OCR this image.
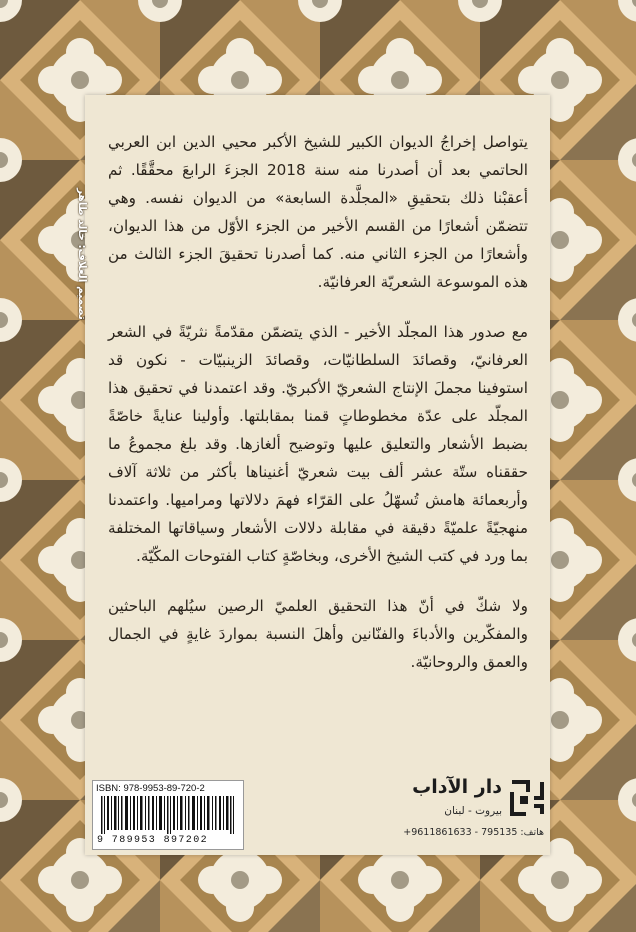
تصميم الغلاف: خالد طاهر

يتواصل إخراجُ الديوان الكبير للشيخ الأكبر محيي الدين ابن العربي الحاتمي بعد أن أصدرنا منه سنة 2018 الجزءَ الرابعَ محقَّقًا. ثم أعقبْنا ذلك بتحقيقِ «المجلَّدة السابعة» من الديوان نفسه. وهي تتضمّن أشعارًا من القسم الأخير من الجزء الأوّل من هذا الديوان، وأشعارًا من الجزء الثاني منه. كما أصدرنا تحقيقَ الجزء الثالث من هذه الموسوعة الشعريّة العرفانيّة.

مع صدور هذا المجلّد الأخير - الذي يتضمّن مقدّمةً نثريّةً في الشعر العرفانيّ، وقصائدَ السلطانيّات، وقصائدَ الزينبيّات - نكون قد استوفينا مجملَ الإنتاج الشعريّ الأكبريّ. وقد اعتمدنا في تحقيق هذا المجلّد على عدّة مخطوطاتٍ قمنا بمقابلتها. وأولينا عنايةً خاصّةً بضبط الأشعار والتعليق عليها وتوضيح ألغازها. وقد بلغ مجموعُ ما حققناه ستّة عشر ألف بيت شعريّ أغنيناها بأكثر من ثلاثة آلاف وأربعمائة هامش تُسهّلُ على القرّاء فهمَ دلالاتها ومراميها. واعتمدنا منهجيّةً علميّةً دقيقة في مقابلة دلالات الأشعار وسياقاتها المختلفة بما ورد في كتب الشيخ الأخرى، وبخاصّةٍ كتاب الفتوحات المكّيّة.

ولا شكّ في أنّ هذا التحقيق العلميّ الرصين سيُلهم الباحثين والمفكّرين والأدباءَ والفنّانين وأهلَ النسبة بمواردَ غايةٍ في الجمال والعمق والروحانيّة.

ISBN: 978-9953-89-720-2
9 789953 897202
دار الآداب
بيروت - لبنان
هاتف: 795135 - 9611861633+
